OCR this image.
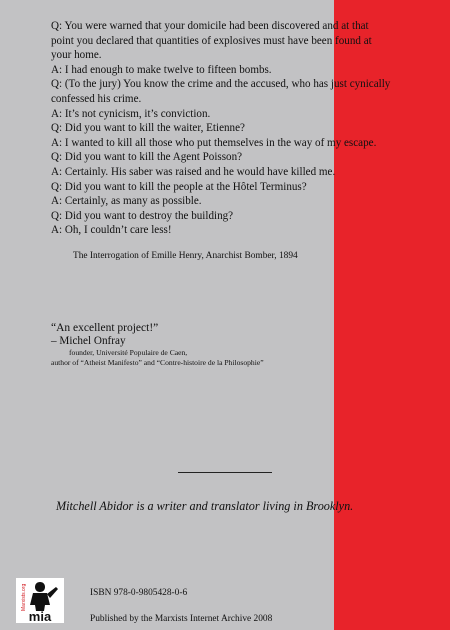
Q: You were warned that your domicile had been discovered and at that
point you declared that quantities of explosives must have been found at
your home.
A: I had enough to make twelve to fifteen bombs.
Q: (To the jury) You know the crime and the accused, who has just cynically
confessed his crime.
A: It’s not cynicism, it’s conviction.
Q: Did you want to kill the waiter, Etienne?
A: I wanted to kill all those who put themselves in the way of my escape.
Q: Did you want to kill the Agent Poisson?
A: Certainly. His saber was raised and he would have killed me.
Q: Did you want to kill the people at the Hôtel Terminus?
A: Certainly, as many as possible.
Q: Did you want to destroy the building?
A: Oh, I couldn’t care less!
The Interrogation of Emille Henry, Anarchist Bomber, 1894
“An excellent project!”
– Michel Onfray
founder, Université Populaire de Caen,
author of “Atheist Manifesto” and “Contre-histoire de la Philosophie”
Mitchell Abidor is a writer and translator living in Brooklyn.
Marxists.org
mia
ISBN 978-0-9805428-0-6
Published by the Marxists Internet Archive 2008
